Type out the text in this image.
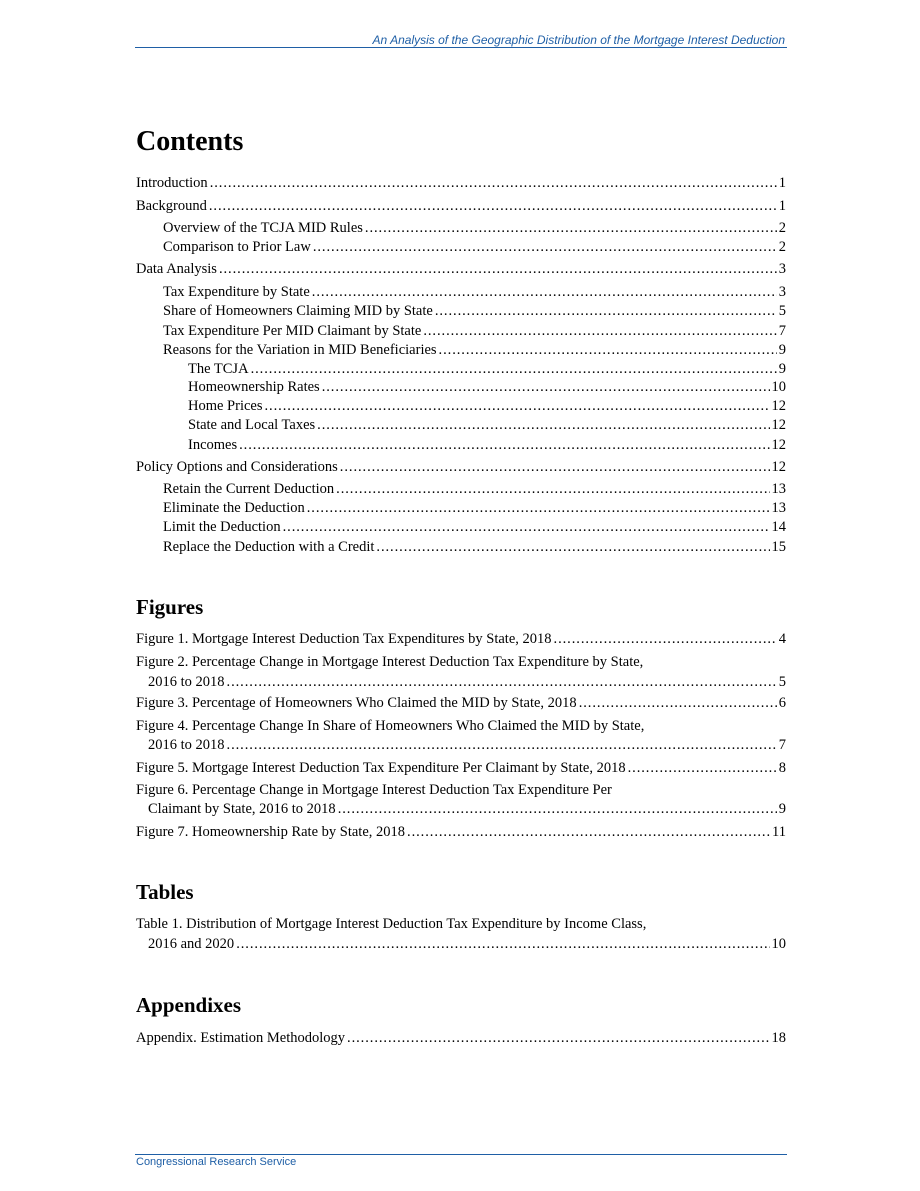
An Analysis of the Geographic Distribution of the Mortgage Interest Deduction
Contents
Introduction . . .	1
Background . . .	1
Overview of the TCJA MID Rules . . .	2
Comparison to Prior Law . . .	2
Data Analysis . . .	3
Tax Expenditure by State . . .	3
Share of Homeowners Claiming MID by State . . .	5
Tax Expenditure Per MID Claimant by State . . .	7
Reasons for the Variation in MID Beneficiaries . . .	9
The TCJA . . .	9
Homeownership Rates . . .	10
Home Prices . . .	12
State and Local Taxes . . .	12
Incomes . . .	12
Policy Options and Considerations . . .	12
Retain the Current Deduction . . .	13
Eliminate the Deduction . . .	13
Limit the Deduction . . .	14
Replace the Deduction with a Credit . . .	15
Figures
Figure 1. Mortgage Interest Deduction Tax Expenditures by State, 2018 . . .	4
Figure 2. Percentage Change in Mortgage Interest Deduction Tax Expenditure by State,
2016 to 2018 . . .	5
Figure 3. Percentage of Homeowners Who Claimed the MID by State, 2018 . . .	6
Figure 4. Percentage Change In Share of Homeowners Who Claimed the MID by State,
2016 to 2018 . . .	7
Figure 5. Mortgage Interest Deduction Tax Expenditure Per Claimant by State, 2018 . . .	8
Figure 6. Percentage Change in Mortgage Interest Deduction Tax Expenditure Per
Claimant by State, 2016 to 2018 . . .	9
Figure 7. Homeownership Rate by State, 2018 . . .	11
Tables
Table 1. Distribution of Mortgage Interest Deduction Tax Expenditure by Income Class,
2016 and 2020 . . .	10
Appendixes
Appendix. Estimation Methodology . . .	18
Congressional Research Service
